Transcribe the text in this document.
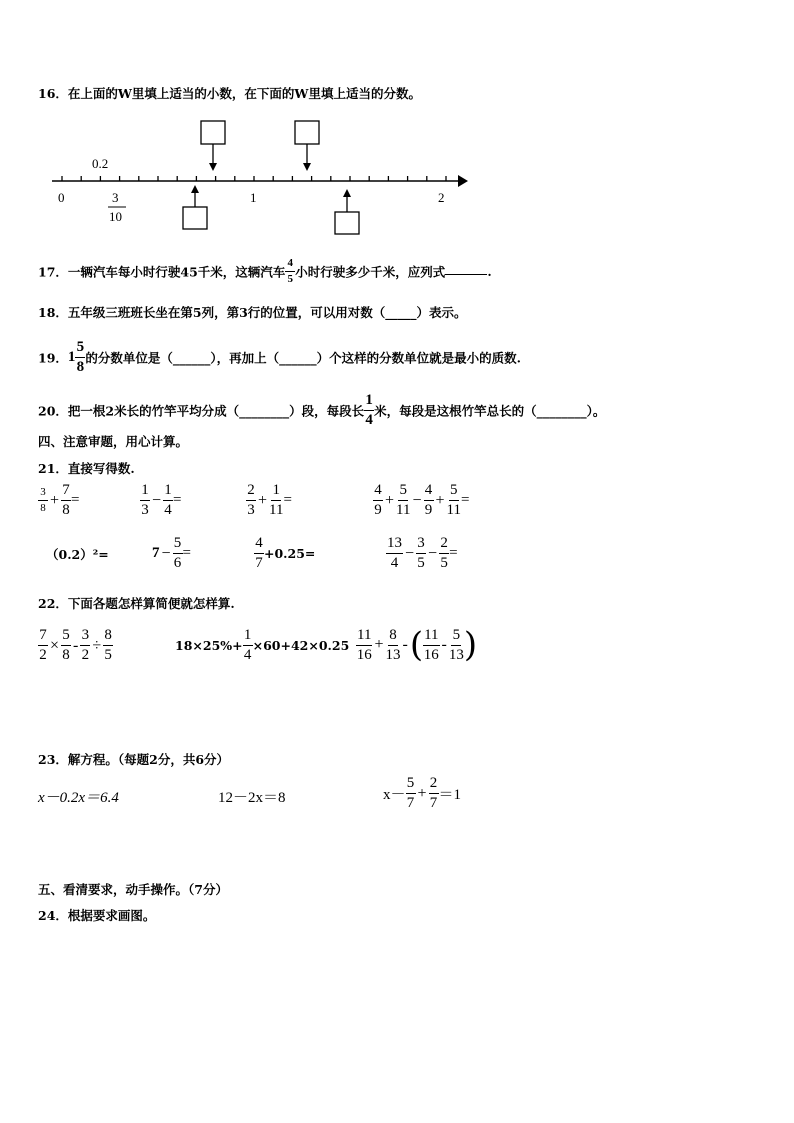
16．在上面的W里填上适当的小数，在下面的W里填上适当的分数。
0
0.2
1	2
3
10
17．一辆汽车每小时行驶45千米，这辆汽车 $\frac{4}{5}$ 小时行驶多少千米，应列式	.
18．五年级三班班长坐在第5列，第3行的位置，可以用对数（_____）表示。
19．$1 \frac{5}{8}$ 的分数单位是（______），再加上（______）个这样的分数单位就是最小的质数.
20．把一根2米长的竹竿平均分成（________）段，每段长 $\frac{1}{4}$ 米，每段是这根竹竿总长的（________）。
四、注意审题，用心计算。
21．直接写得数.
$\frac{3}{8} + \frac{7}{8}$ =	$\frac{1}{3} - \frac{1}{4}$ =	$\frac{2}{3} + \frac{1}{11}$ =	$\frac{4}{9} + \frac{5}{11} - \frac{4}{9} + \frac{5}{11}$ =
（0.2）²=	$7 - \frac{5}{6}$ =	$\frac{4}{7} +0.25=$	$\frac{13}{4} - \frac{3}{5} - \frac{2}{5}$ =
22．下面各题怎样算简便就怎样算.
$\frac{7}{2} \times \frac{5}{8} - \frac{3}{2} \div \frac{8}{5}$	$18\times 25\%+ \frac{1}{4} \times 60+42\times 0.25 \frac{11}{16} + \frac{8}{13}$ -( $\frac{11}{16} - \frac{5}{13}$ )
23．解方程。（每题2分，共6分）
x－0.2x＝6.4	12－2x＝8	$x- \frac{5}{7} + \frac{2}{7} =1$
五、看清要求，动手操作。（7分）
24．根据要求画图。
